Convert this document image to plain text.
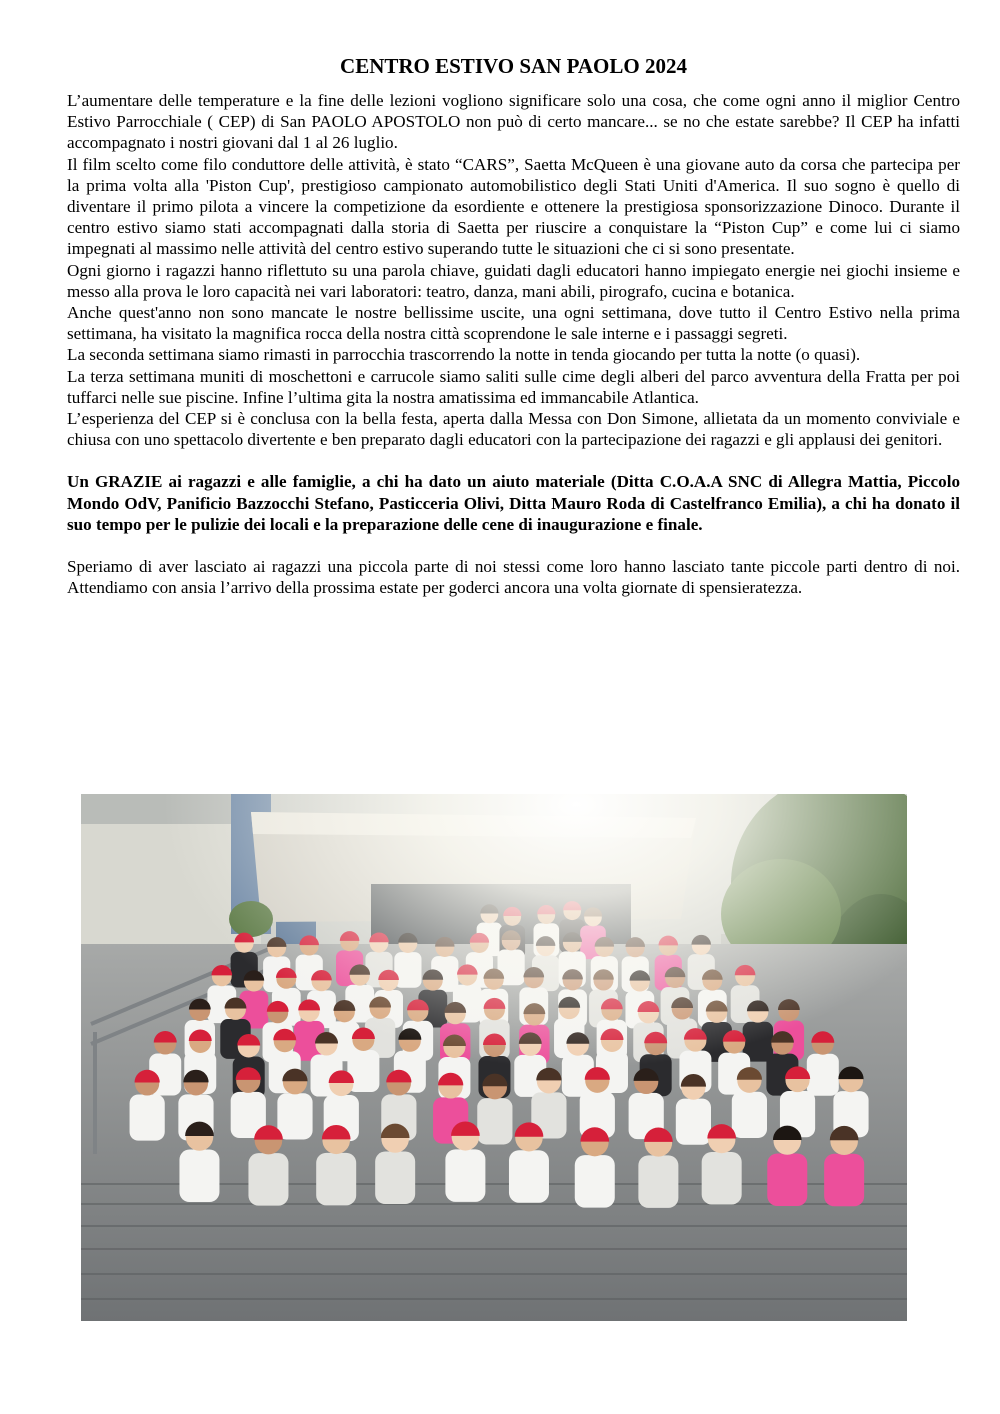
CENTRO ESTIVO SAN PAOLO 2024

L’aumentare delle temperature e la fine delle lezioni vogliono significare solo una cosa, che come ogni anno il miglior Centro Estivo Parrocchiale ( CEP) di San PAOLO APOSTOLO non può di certo mancare... se no che estate sarebbe? Il CEP ha infatti accompagnato i nostri giovani dal 1 al 26 luglio.

Il film scelto come filo conduttore delle attività, è stato “CARS”, Saetta McQueen è una giovane auto da corsa che partecipa per la prima volta alla 'Piston Cup', prestigioso campionato automobilistico degli Stati Uniti d'America. Il suo sogno è quello di diventare il primo pilota a vincere la competizione da esordiente e ottenere la prestigiosa sponsorizzazione Dinoco. Durante il centro estivo siamo stati accompagnati dalla storia di Saetta per riuscire a conquistare la “Piston Cup” e come lui ci siamo impegnati al massimo nelle attività del centro estivo superando tutte le situazioni che ci si sono presentate.

Ogni giorno i ragazzi hanno riflettuto su una parola chiave, guidati dagli educatori hanno impiegato energie nei giochi insieme e messo alla prova le loro capacità nei vari laboratori: teatro, danza, mani abili, pirografo, cucina e botanica.

Anche quest'anno non sono mancate le nostre bellissime uscite, una ogni settimana, dove tutto il Centro Estivo nella prima settimana, ha visitato la magnifica rocca della nostra città scoprendone le sale interne e i passaggi segreti.

La seconda settimana siamo rimasti in parrocchia trascorrendo la notte in tenda giocando per tutta la notte (o quasi).

La terza settimana muniti di moschettoni e carrucole siamo saliti sulle cime degli alberi del parco avventura della Fratta per poi tuffarci nelle sue piscine. Infine l’ultima gita la nostra amatissima ed immancabile Atlantica.

L’esperienza del CEP si è conclusa con la bella festa, aperta dalla Messa con Don Simone, allietata da un momento conviviale e chiusa con uno spettacolo divertente e ben preparato dagli educatori con la partecipazione dei ragazzi e gli applausi dei genitori.

Un GRAZIE ai ragazzi e alle famiglie, a chi ha dato un aiuto materiale (Ditta C.O.A.A SNC di Allegra Mattia, Piccolo Mondo OdV, Panificio Bazzocchi Stefano, Pasticceria Olivi, Ditta Mauro Roda di Castelfranco Emilia), a chi ha donato il suo tempo per le pulizie dei locali e la preparazione delle cene di inaugurazione e finale.

Speriamo di aver lasciato ai ragazzi una piccola parte di noi stessi come loro hanno lasciato tante piccole parti dentro di noi. Attendiamo con ansia l’arrivo della prossima estate per goderci ancora una volta giornate di spensieratezza.
